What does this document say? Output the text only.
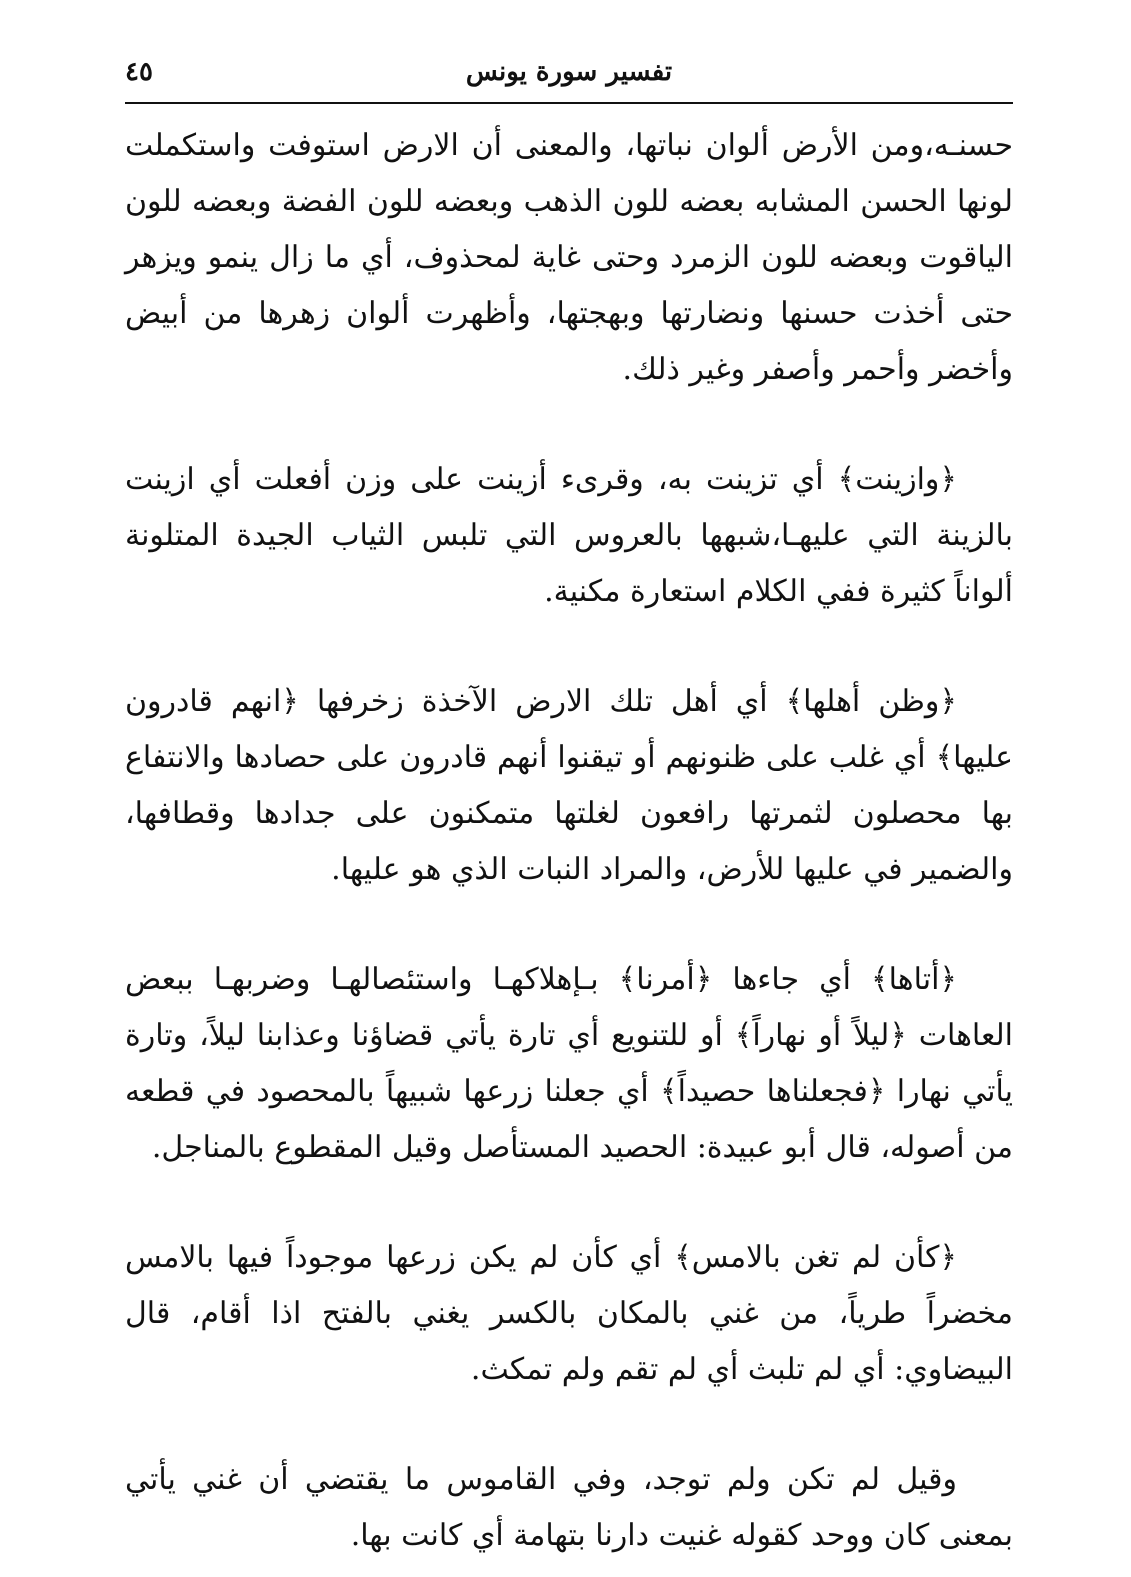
تفسير سورة يونس
٤٥

حسنـه،ومن الأرض ألوان نباتها، والمعنى أن الارض استوفت واستكملت لونها الحسن المشابه بعضه للون الذهب وبعضه للون الفضة وبعضه للون الياقوت وبعضه للون الزمرد وحتى غاية لمحذوف، أي ما زال ينمو ويزهر حتى أخذت حسنها ونضارتها وبهجتها، وأظهرت ألوان زهرها من أبيض وأخضر وأحمر وأصفر وغير ذلك.

﴿وازينت﴾ أي تزينت به، وقرىء أزينت على وزن أفعلت أي ازينت بالزينة التي عليهـا،شبهها بالعروس التي تلبس الثياب الجيدة المتلونة ألواناً كثيرة ففي الكلام استعارة مكنية.

﴿وظن أهلها﴾ أي أهل تلك الارض الآخذة زخرفها ﴿انهم قادرون عليها﴾ أي غلب على ظنونهم أو تيقنوا أنهم قادرون على حصادها والانتفاع بها محصلون لثمرتها رافعون لغلتها متمكنون على جدادها وقطافها، والضمير في عليها للأرض، والمراد النبات الذي هو عليها.

﴿أتاها﴾ أي جاءها ﴿أمرنا﴾ بـإهلاكهـا واستئصالهـا وضربهـا ببعض العاهات ﴿ليلاً أو نهاراً﴾ أو للتنويع أي تارة يأتي قضاؤنا وعذابنا ليلاً، وتارة يأتي نهارا ﴿فجعلناها حصيداً﴾ أي جعلنا زرعها شبيهاً بالمحصود في قطعه من أصوله، قال أبو عبيدة: الحصيد المستأصل وقيل المقطوع بالمناجل.

﴿كأن لم تغن بالامس﴾ أي كأن لم يكن زرعها موجوداً فيها بالامس مخضراً طرياً، من غني بالمكان بالكسر يغني بالفتح اذا أقام، قال البيضاوي: أي لم تلبث أي لم تقم ولم تمكث.

وقيل لم تكن ولم توجد، وفي القاموس ما يقتضي أن غني يأتي بمعنى كان ووحد كقوله غنيت دارنا بتهامة أي كانت بها.
